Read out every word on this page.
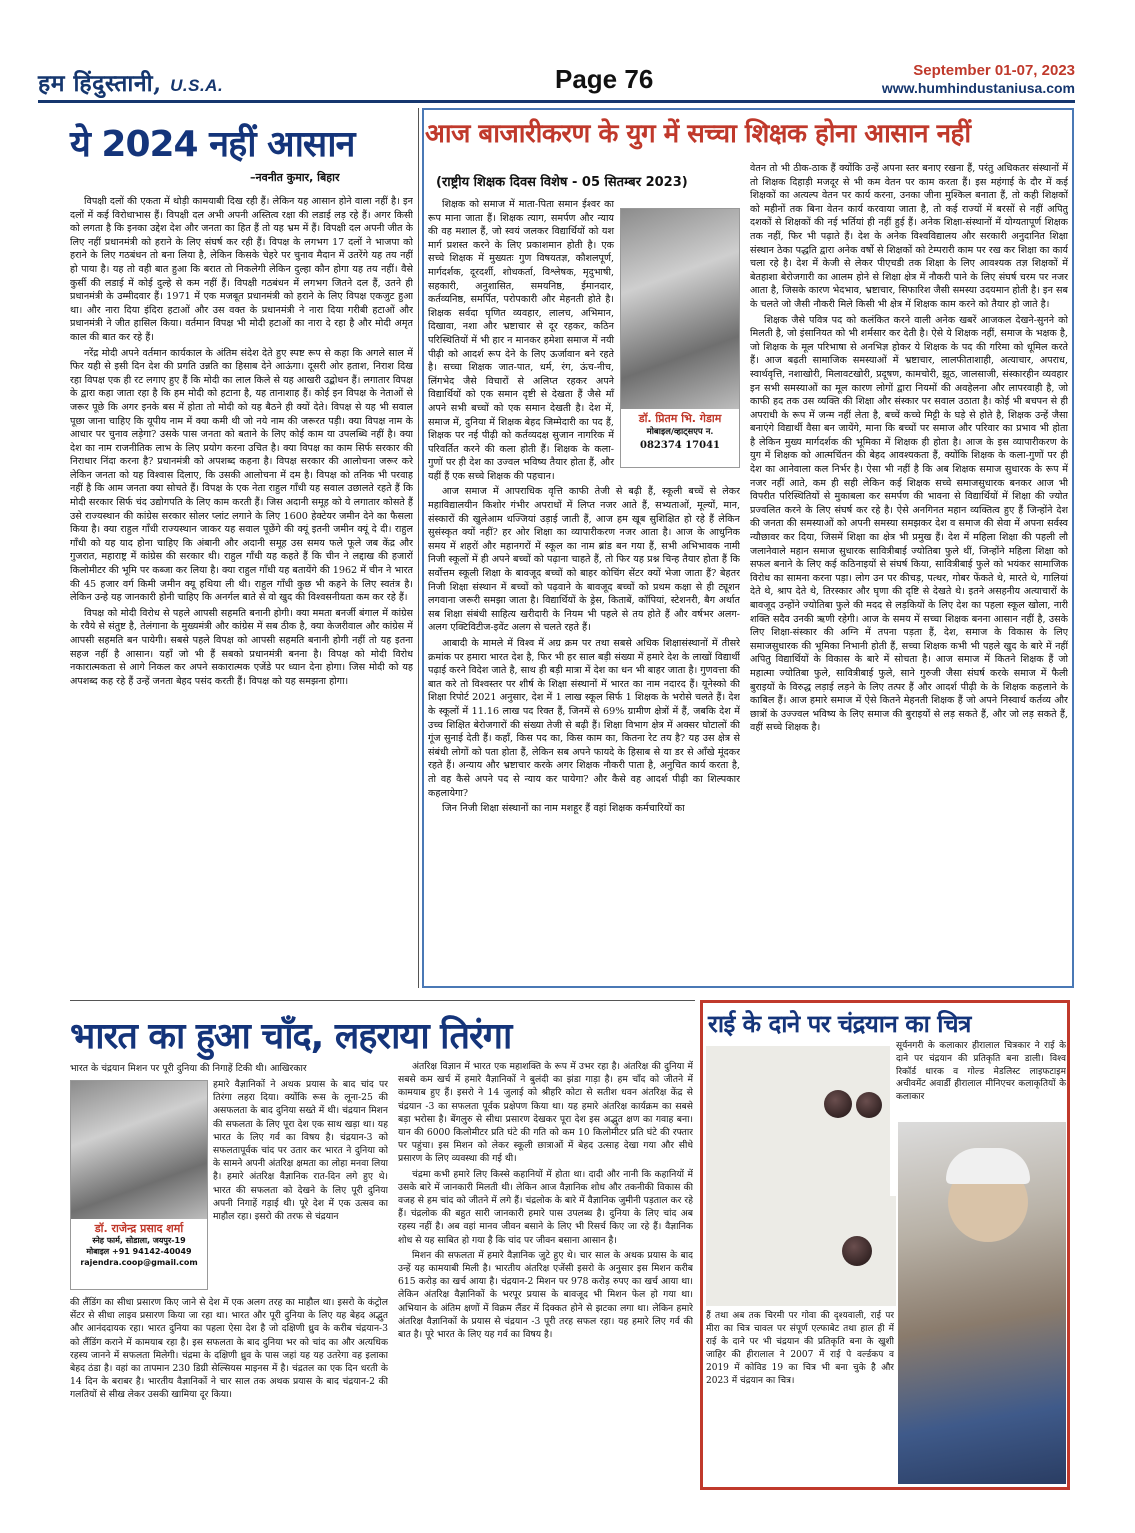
हम हिंदुस्तानी, U.S.A.	Page 76	September 01-07, 2023
www.humhindustaniusa.com
ये 2024 नहीं आसान
–नवनीत कुमार, बिहार

विपक्षी दलों की एकता में थोड़ी कामयाबी दिख रही हैं। लेकिन यह आसान होने वाला नहीं है। इन दलों में कई विरोधाभास हैं। विपक्षी दल अभी अपनी अस्तित्व रक्षा की लडाई लड़ रहे हैं। अगर किसी को लगता है कि इनका उद्देश देश और जनता का हित हैं तो यह भ्रम में हैं। विपक्षी दल अपनी जीत के लिए नहीं प्रधानमंत्री को हराने के लिए संघर्ष कर रही हैं। विपक्ष के लगभग 17 दलों ने भाजपा को हराने के लिए गठबंधन तो बना लिया है, लेकिन किसके चेहरे पर चुनाव मैदान में उतरेंगे यह तय नहीं हो पाया है। यह तो वही बात हुआ कि बरात तो निकलेगी लेकिन दुल्हा कौन होगा यह तय नहीं। वैसे कुर्सी की लडाई में कोई दुल्हे से कम नहीं हैं। विपक्षी गठबंधन में लगभग जितने दल हैं, उतने ही प्रधानमंत्री के उम्मीदवार हैं। 1971 में एक मजबूत प्रधानमंत्री को हराने के लिए विपक्ष एकजुट हुआ था। और नारा दिया इंदिरा हटाओं और उस वक्त के प्रधानमंत्री ने नारा दिया गरीबी हटाओं और प्रधानमंत्री ने जीत हासिल किया। वर्तमान विपक्ष भी मोदी हटाओं का नारा दे रहा है और मोदी अमृत काल की बात कर रहे हैं।

नरेंद्र मोदी अपने वर्तमान कार्यकाल के अंतिम संदेश देते हुए स्पष्ट रूप से कहा कि अगले साल में फिर यही से इसी दिन देश की प्रगति उन्नति का हिसाब देने आऊंगा। दूसरी ओर हताश, निराश दिख रहा विपक्ष एक ही रट लगाए हुए हैं कि मोदी का लाल किले से यह आखरी उद्बोधन हैं। लगातार विपक्ष के द्वारा कहा जाता रहा है कि हम मोदी को हटाना है, यह तानाशाह हैं। कोई इन विपक्ष के नेताओं से जरूर पूछे कि अगर इनके बस में होता तो मोदी को यह बैठने ही क्यों देते। विपक्ष से यह भी सवाल पूछा जाना चाहिए कि यूपीय नाम में क्या कमी थी जो नये नाम की जरूरत पड़ी। क्या विपक्ष नाम के आधार पर चुनाव लड़ेगा? उसके पास जनता को बताने के लिए कोई काम या उपलब्धि नहीं है। क्या देश का नाम राजनीतिक लाभ के लिए प्रयोग करना उचित है। क्या विपक्ष का काम सिर्फ सरकार की निराधार निंदा करना है? प्रधानमंत्री को अपशब्द कहना है। विपक्ष सरकार की आलोचना जरूर करे लेकिन जनता को यह विश्वास दिलाए, कि उसकी आलोचना में दम है। विपक्ष को तनिक भी परवाह नहीं है कि आम जनता क्या सोचते हैं। विपक्ष के एक नेता राहुल गाँधी यह सवाल उछालते रहते हैं कि मोदी सरकार सिर्फ चंद उद्योगपति के लिए काम करती हैं। जिस अदानी समूह को ये लगातार कोसते हैं उसे राज्यस्थान की कांग्रेस सरकार सोलर प्लांट लगाने के लिए 1600 हेक्टेयर जमीन देने का फैसला किया है। क्या राहुल गाँधी राज्यस्थान जाकर यह सवाल पूछेंगे की क्यूं इतनी जमीन क्यूं दे दी। राहुल गाँधी को यह याद होना चाहिए कि अंबानी और अदानी समूह उस समय फले फूले जब केंद्र और गुजरात, महाराष्ट्र में कांग्रेस की सरकार थी। राहुल गाँधी यह कहते हैं कि चीन ने लद्दाख की हजारों किलोमीटर की भूमि पर कब्जा कर लिया है। क्या राहुल गाँधी यह बतायेंगे की 1962 में चीन ने भारत की 45 हजार वर्ग किमी जमीन क्यू हथिया ली थी। राहुल गाँधी कुछ भी कहने के लिए स्वतंत्र है। लेकिन उन्हे यह जानकारी होनी चाहिए कि अनर्गल बाते से वो खुद की विश्वसनीयता कम कर रहे हैं।

विपक्ष को मोदी विरोध से पहले आपसी सहमति बनानी होगी। क्या ममता बनर्जी बंगाल में कांग्रेस के रवैये से संतुष्ट है, तेलंगाना के मुख्यमंत्री और कांग्रेस में सब ठीक है, क्या केजरीवाल और कांग्रेस में आपसी सहमति बन पायेगी। सबसे पहले विपक्ष को आपसी सहमति बनानी होगी नहीं तो यह इतना सहज नहीं है आसान। यहाँ जो भी हैं सबको प्रधानमंत्री बनना है। विपक्ष को मोदी विरोध नकारात्मकता से आगे निकल कर अपने सकारात्मक एजेंडे पर ध्यान देना होगा। जिस मोदी को यह अपशब्द कह रहे हैं उन्हें जनता बेहद पसंद करती हैं। विपक्ष को यह समझना होगा।

आज बाजारीकरण के युग में सच्चा शिक्षक होना आसान नहीं
(राष्ट्रीय शिक्षक दिवस विशेष - 05 सितम्बर 2023)
डॉ. प्रितम भि. गेडाम
मोबाइल/व्हाट्सएप न.
082374 17041

शिक्षक को समाज में माता-पिता समान ईश्वर का रूप माना जाता हैं। शिक्षक त्याग, समर्पण और न्याय की वह मशाल हैं, जो स्वयं जलकर विद्यार्थियों को यश मार्ग प्रशस्त करने के लिए प्रकाशमान होती है। एक सच्चे शिक्षक में मुख्यतः गुण विषयतज्ञ, कौशलपूर्ण, मार्गदर्शक, दूरदर्शी, शोधकर्ता, विश्लेषक, मृदुभाषी, सहकारी, अनुशासित, समयनिष्ठ, ईमानदार, कर्तव्यनिष्ठ, समर्पित, परोपकारी और मेहनती होते है। शिक्षक सर्वदा घृणित व्यवहार, लालच, अभिमान, दिखावा, नशा और भ्रष्टाचार से दूर रहकर, कठिन परिस्थितियों में भी हार न मानकर हमेशा समाज में नयी पीढ़ी को आदर्श रूप देने के लिए ऊर्जावान बने रहते है। सच्चा शिक्षक जात-पात, धर्म, रंग, ऊंच-नीच, लिंगभेद जैसे विचारों से अलिप्त रहकर अपने विद्यार्थियों को एक समान दृष्टी से देखता हैं जैसे माँ अपने सभी बच्चों को एक समान देखती है। देश में, समाज में, दुनिया में शिक्षक बेहद जिम्मेदारी का पद हैं, शिक्षक पर नई पीढ़ी को कर्तव्यदक्ष सुजान नागरिक में परिवर्तित करने की कला होती हैं। शिक्षक के कला-गुणों पर ही देश का उज्वल भविष्य तैयार होता हैं, और यहीं हैं एक सच्चे शिक्षक की पहचान।

आज समाज में आपराधिक वृत्ति काफी तेजी से बढ़ी हैं, स्कूली बच्चें से लेकर महाविद्यालयीन किशोर गंभीर अपराधों में लिप्त नजर आते हैं, सभ्यताओं, मूल्यों, मान, संस्कारों की खुलेआम धज्जियां उड़ाई जाती हैं, आज हम खूब सुशिक्षित हो रहे हैं लेकिन सुसंस्कृत क्यों नहीं? हर ओर शिक्षा का व्यापारीकरण नजर आता है। आज के आधुनिक समय में शहरों और महानगरों में स्कूल का नाम ब्रांड बन गया हैं, सभी अभिभावक नामी निजी स्कूलों में ही अपने बच्चों को पढ़ाना चाहते हैं, तो फिर यह प्रश्न चिन्ह तैयार होता हैं कि सर्वोत्तम स्कूली शिक्षा के बावजूद बच्चों को बाहर कोचिंग सेंटर क्यों भेजा जाता हैं? बेहतर निजी शिक्षा संस्थान में बच्चों को पढ़वाने के बावजूद बच्चों को प्रथम कक्षा से ही ट्यूशन लगवाना जरूरी समझा जाता है। विद्यार्थियों के ड्रेस, किताबें, कॉपियां, स्टेशनरी, बैग अर्थात सब शिक्षा संबंधी साहित्य खरीदारी के नियम भी पहले से तय होते हैं और वर्षभर अलग-अलग एक्टिविटीज-इवेंट अलग से चलते रहते हैं।

आबादी के मामले में विश्व में अग्र क्रम पर तथा सबसे अधिक शिक्षासंस्थानों में तीसरे क्रमांक पर हमारा भारत देश है, फिर भी हर साल बड़ी संख्या में हमारे देश के लाखों विद्यार्थी पढ़ाई करने विदेश जाते है, साथ ही बड़ी मात्रा में देश का धन भी बाहर जाता है। गुणवत्ता की बात करे तो विश्वस्तर पर शीर्ष के शिक्षा संस्थानों में भारत का नाम नदारद हैं। यूनेस्को की शिक्षा रिपोर्ट 2021 अनुसार, देश में 1 लाख स्कूल सिर्फ 1 शिक्षक के भरोसे चलते हैं। देश के स्कूलों में 11.16 लाख पद रिक्त हैं, जिनमें से 69% ग्रामीण क्षेत्रों में हैं, जबकि देश में उच्च शिक्षित बेरोजगारों की संख्या तेजी से बढ़ी हैं। शिक्षा विभाग क्षेत्र में अक्सर घोटालों की गूंज सुनाई देती हैं। कहाँ, किस पद का, किस काम का, कितना रेट तय है? यह उस क्षेत्र से संबंधी लोगों को पता होता हैं, लेकिन सब अपने फायदे के हिसाब से या डर से आँखे मूंदकर रहते हैं। अन्याय और भ्रष्टाचार करके अगर शिक्षक नौकरी पाता है, अनुचित कार्य करता है, तो वह कैसे अपने पद से न्याय कर पायेगा? और कैसे वह आदर्श पीढ़ी का शिल्पकार कहलायेगा?

जिन निजी शिक्षा संस्थानों का नाम मशहूर हैं वहां शिक्षक कर्मचारियों का

वेतन तो भी ठीक-ठाक हैं क्योंकि उन्हें अपना स्तर बनाए रखना हैं, परंतु अधिकतर संस्थानों में तो शिक्षक दिहाड़ी मजदूर से भी कम वेतन पर काम करता हैं। इस महंगाई के दौर में कई शिक्षकों का अत्यल्प वेतन पर कार्य करना, उनका जीना मुश्किल बनाता हैं, तो कही शिक्षकों को महीनों तक बिना वेतन कार्य करवाया जाता है, तो कई राज्यों में बरसों से नहीं अपितु दशकों से शिक्षकों की नई भर्तियां ही नहीं हुई हैं। अनेक शिक्षा-संस्थानों में योग्यतापूर्ण शिक्षक तक नहीं, फिर भी पढ़ाते हैं। देश के अनेक विश्वविद्यालय और सरकारी अनुदानित शिक्षा संस्थान ठेका पद्धति द्वारा अनेक वर्षो से शिक्षकों को टेम्परारी काम पर रख कर शिक्षा का कार्य चला रहे है। देश में केजी से लेकर पीएचडी तक शिक्षा के लिए आवश्यक तज्ञ शिक्षकों में बेतहाशा बेरोजगारी का आलम होने से शिक्षा क्षेत्र में नौकरी पाने के लिए संघर्ष चरम पर नजर आता है, जिसके कारण भेदभाव, भ्रष्टाचार, सिफारिश जैसी समस्या उदयमान होती है। इन सब के चलते जो जैसी नौकरी मिले किसी भी क्षेत्र में शिक्षक काम करने को तैयार हो जाते है।

शिक्षक जैसे पवित्र पद को कलंकित करने वाली अनेक खबरें आजकल देखने-सुनने को मिलती है, जो इंसानियत को भी शर्मसार कर देती है। ऐसे ये शिक्षक नहीं, समाज के भक्षक है, जो शिक्षक के मूल परिभाषा से अनभिज्ञ होकर ये शिक्षक के पद की गरिमा को धूमिल करते हैं। आज बढ़ती सामाजिक समस्याओं में भ्रष्टाचार, लालफीताशाही, अत्याचार, अपराध, स्वार्थवृत्ति, नशाखोरी, मिलावटखोरी, प्रदूषण, कामचोरी, झूठ, जालसाजी, संस्कारहीन व्यवहार इन सभी समस्याओं का मूल कारण लोगों द्वारा नियमों की अवहेलना और लापरवाही है, जो काफी हद तक उस व्यक्ति की शिक्षा और संस्कार पर सवाल उठाता है। कोई भी बचपन से ही अपराधी के रूप में जन्म नहीं लेता है, बच्चें कच्चे मिट्टी के घड़े से होते है, शिक्षक उन्हें जैसा बनाएंगे विद्यार्थी वैसा बन जायेंगे, माना कि बच्चों पर समाज और परिवार का प्रभाव भी होता है लेकिन मुख्य मार्गदर्शक की भूमिका में शिक्षक ही होता है। आज के इस व्यापारीकरण के युग में शिक्षक को आत्मचिंतन की बेहद आवश्यकता हैं, क्योंकि शिक्षक के कला-गुणों पर ही देश का आनेवाला कल निर्भर है। ऐसा भी नहीं है कि अब शिक्षक समाज सुधारक के रूप में नजर नहीं आते, कम ही सही लेकिन कई शिक्षक सच्चे समाजसुधारक बनकर आज भी विपरीत परिस्थितियों से मुकाबला कर समर्पण की भावना से विद्यार्थियों में शिक्षा की ज्योत प्रज्वलित करने के लिए संघर्ष कर रहे है। ऐसे अनगिनत महान व्यक्तित्व हुए हैं जिन्होंने देश की जनता की समस्याओं को अपनी समस्या समझकर देश व समाज की सेवा में अपना सर्वस्व न्यौछावर कर दिया, जिसमें शिक्षा का क्षेत्र भी प्रमुख हैं। देश में महिला शिक्षा की पहली लौ जलानेवाले महान समाज सुधारक सावित्रीबाई ज्योतिबा फुले थीं, जिन्होंने महिला शिक्षा को सफल बनाने के लिए कई कठिनाइयों से संघर्ष किया, सावित्रीबाई फुले को भयंकर सामाजिक विरोध का सामना करना पड़ा। लोग उन पर कीचड़, पत्थर, गोबर फेंकते थे, मारते थे, गालियां देते थे, श्राप देते थे, तिरस्कार और घृणा की दृष्टि से देखते थे। इतने असहनीय अत्याचारों के बावजूद उन्होंने ज्योतिबा फुले की मदद से लड़कियों के लिए देश का पहला स्कूल खोला, नारी शक्ति सदैव उनकी ऋणी रहेगी। आज के समय में सच्चा शिक्षक बनना आसान नहीं है, उसके लिए शिक्षा-संस्कार की अग्नि में तपना पड़ता हैं, देश, समाज के विकास के लिए समाजसुधारक की भूमिका निभानी होती हैं, सच्चा शिक्षक कभी भी पहले खुद के बारे में नहीं अपितु विद्यार्थियों के विकास के बारे में सोचता है। आज समाज में कितने शिक्षक हैं जो महात्मा ज्योतिबा फुले, सावित्रीबाई फुले, साने गुरुजी जैसा संघर्ष करके समाज में फैली बुराइयों के विरुद्ध लड़ाई लड़ने के लिए तत्पर हैं और आदर्श पीढ़ी के के शिक्षक कहलाने के काबिल हैं। आज हमारे समाज में ऐसे कितने मेहनती शिक्षक हैं जो अपने निस्वार्थ कर्तव्य और छात्रों के उज्ज्वल भविष्य के लिए समाज की बुराइयों से लड़ सकते हैं, और जो लड़ सकते हैं, वहीं सच्चे शिक्षक है।

भारत का हुआ चाँद, लहराया तिरंगा
भारत के चंद्रयान मिशन पर पूरी दुनिया की निगाहें टिकी थी। आखिरकार
डॉ. राजेन्द्र प्रसाद शर्मा
स्नेह फार्म, सोडाला, जयपुर-19
मोबाइल +91 94142-40049
rajendra.coop@gmail.com
हमारे वैज्ञानिकों ने अथक प्रयास के बाद चांद पर तिरंगा लहरा दिया। क्योंकि रूस के लूना-25 की असफलता के बाद दुनिया सख्ते में थी। चंद्रयान मिशन की सफलता के लिए पूरा देश एक साथ खड़ा था। यह भारत के लिए गर्व का विषय है। चंद्रयान-3 को सफलतापूर्वक चांद पर उतार कर भारत ने दुनिया को के सामने अपनी अंतरिक्ष क्षमता का लोहा मनवा लिया है। हमारे अंतरिक्ष वैज्ञानिक रात-दिन लगे हुए थे। भारत की सफलता को देखने के लिए पूरी दुनिया अपनी निगाहें गड़ाई थी। पूरे देश में एक उत्सव का माहौल रहा। इसरो की तरफ से चंद्रयान
की लैंडिंग का सीधा प्रसारण किए जाने से देश में एक अलग तरह का माहौल था। इसरो के कंट्रोल सेंटर से सीधा लाइव प्रसारण किया जा रहा था। भारत और पूरी दुनिया के लिए यह बेहद अद्भुत और आनंददायक रहा। भारत दुनिया का पहला ऐसा देश है जो दक्षिणी ध्रुव के करीब चंद्रयान-3 को लैंडिंग कराने में कामयाब रहा है। इस सफलता के बाद दुनिया भर को चांद का और अत्यधिक रहस्य जानने में सफलता मिलेगी। चंद्रमा के दक्षिणी ध्रुव के पास जहां यह यह उतरेगा वह इलाका बेहद ठंडा है। वहां का तापमान 230 डिग्री सेल्सियस माइनस में है। चंद्रतल का एक दिन धरती के 14 दिन के बराबर है। भारतीय वैज्ञानिकों ने चार साल तक अथक प्रयास के बाद चंद्रयान-2 की गलतियों से सीख लेकर उसकी खामिया दूर किया।

अंतरिक्ष विज्ञान में भारत एक महाशक्ति के रूप में उभर रहा है। अंतरिक्ष की दुनिया में सबसे कम खर्च में हमारे वैज्ञानिकों ने बुलंदी का झंडा गाड़ा है। हम चाँद को जीतने में कामयाब हुए हैं। इसरो ने 14 जुलाई को श्रीहरि कोटा से सतीश धवन अंतरिक्ष केंद्र से चंद्रयान -3 का सफलता पूर्वक प्रक्षेपण किया था। यह हमारे अंतरिक्ष कार्यक्रम का सबसे बड़ा भरोसा है। बेंगलुरु से सीधा प्रसारण देखकर पूरा देश इस अद्भुत क्षण का गवाह बना। यान की 6000 किलोमीटर प्रति घंटे की गति को कम 10 किलोमीटर प्रति घंटे की रफ्तार पर पहुंचा। इस मिशन को लेकर स्कूली छात्राओं में बेहद उत्साह देखा गया और सीधे प्रसारण के लिए व्यवस्था की गई थी।

चंद्रमा कभी हमारे लिए किस्से कहानियों में होता था। दादी और नानी कि कहानियों में उसके बारे में जानकारी मिलती थी। लेकिन आज वैज्ञानिक शोध और तकनीकी विकास की वजह से हम चांद को जीतने में लगे हैं। चंद्रलोक के बारे में वैज्ञानिक जुमीनी पड़ताल कर रहे हैं। चंद्रलोक की बहुत सारी जानकारी हमारे पास उपलब्ध है। दुनिया के लिए चांद अब रहस्य नहीं है। अब वहां मानव जीवन बसाने के लिए भी रिसर्च किए जा रहे हैं। वैज्ञानिक शोध से यह साबित हो गया है कि चांद पर जीवन बसाना आसान है।

मिशन की सफलता में हमारे वैज्ञानिक जुटे हुए थे। चार साल के अथक प्रयास के बाद उन्हें यह कामयाबी मिली है। भारतीय अंतरिक्ष एजेंसी इसरो के अनुसार इस मिशन करीब 615 करोड़ का खर्च आया है। चंद्रयान-2 मिशन पर 978 करोड़ रुपए का खर्च आया था। लेकिन अंतरिक्ष वैज्ञानिकों के भरपूर प्रयास के बावजूद भी मिशन फेल हो गया था। अभियान के अंतिम क्षणों में विक्रम लैंडर में दिक्कत होने से झटका लगा था। लेकिन हमारे अंतरिक्ष वैज्ञानिकों के प्रयास से चंद्रयान -3 पूरी तरह सफल रहा। यह हमारे लिए गर्व की बात है। पूरे भारत के लिए यह गर्व का विषय है।

राई के दाने पर चंद्रयान का चित्र
सूर्यनगरी के कलाकार हीरालाल चित्रकार ने राई के दाने पर चंद्रयान की प्रतिकृति बना डाली। विश्व रिकॉर्ड धारक व गोल्ड मेडलिस्ट लाइफटाइम अचीवमेंट अवार्डी हीरालाल मीनिएचर कलाकृतियों के कलाकार
हैं तथा अब तक चिरमी पर गोवा की दृश्यवाली, राई पर मीरा का चित्र चावल पर संपूर्ण एल्फाबेट तथा हाल ही में राई के दाने पर भी चंद्रयान की प्रतिकृति बना के खुशी जाहिर की हीरालाल ने 2007 में राई पे वर्ल्डकप व 2019 में कोविड 19 का चित्र भी बना चुके है और 2023 में चंद्रयान का चित्र।
